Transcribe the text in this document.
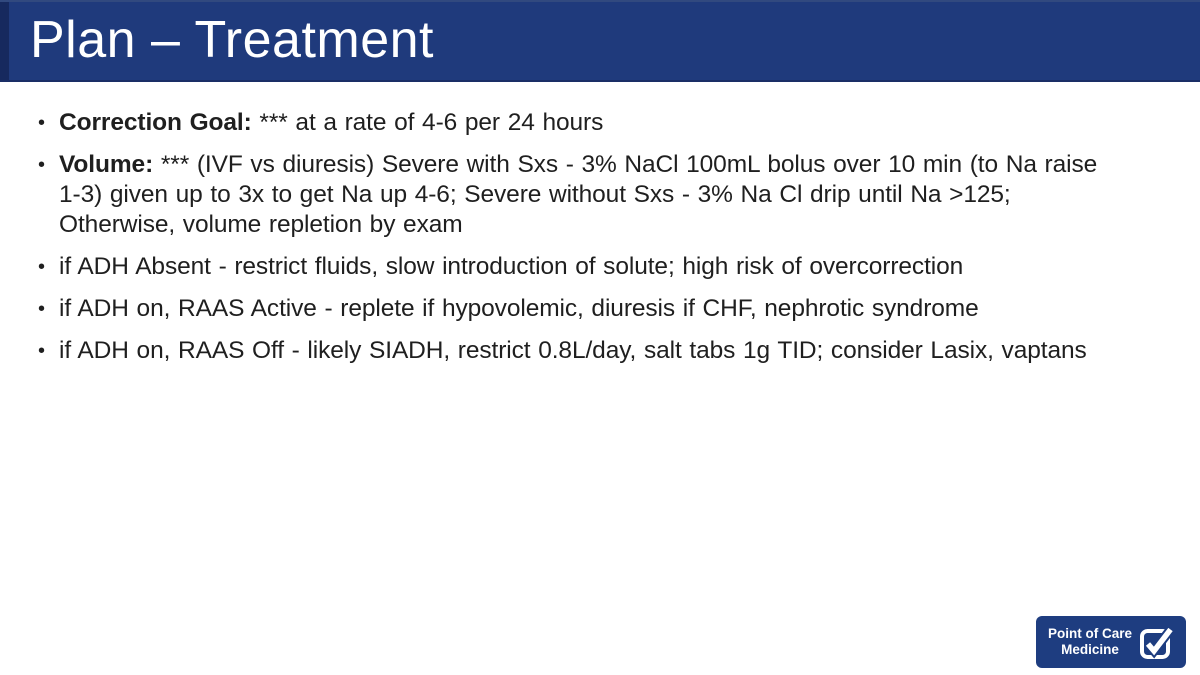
Plan – Treatment
• Correction Goal: *** at a rate of 4-6 per 24 hours
• Volume: *** (IVF vs diuresis) Severe with Sxs - 3% NaCl 100mL bolus over 10 min (to Na raise 1-3) given up to 3x to get Na up 4-6; Severe without Sxs - 3% Na Cl drip until Na >125; Otherwise, volume repletion by exam
• if ADH Absent - restrict fluids, slow introduction of solute; high risk of overcorrection
• if ADH on, RAAS Active - replete if hypovolemic, diuresis if CHF, nephrotic syndrome
• if ADH on, RAAS Off - likely SIADH, restrict 0.8L/day, salt tabs 1g TID; consider Lasix, vaptans
Point of Care
Medicine
